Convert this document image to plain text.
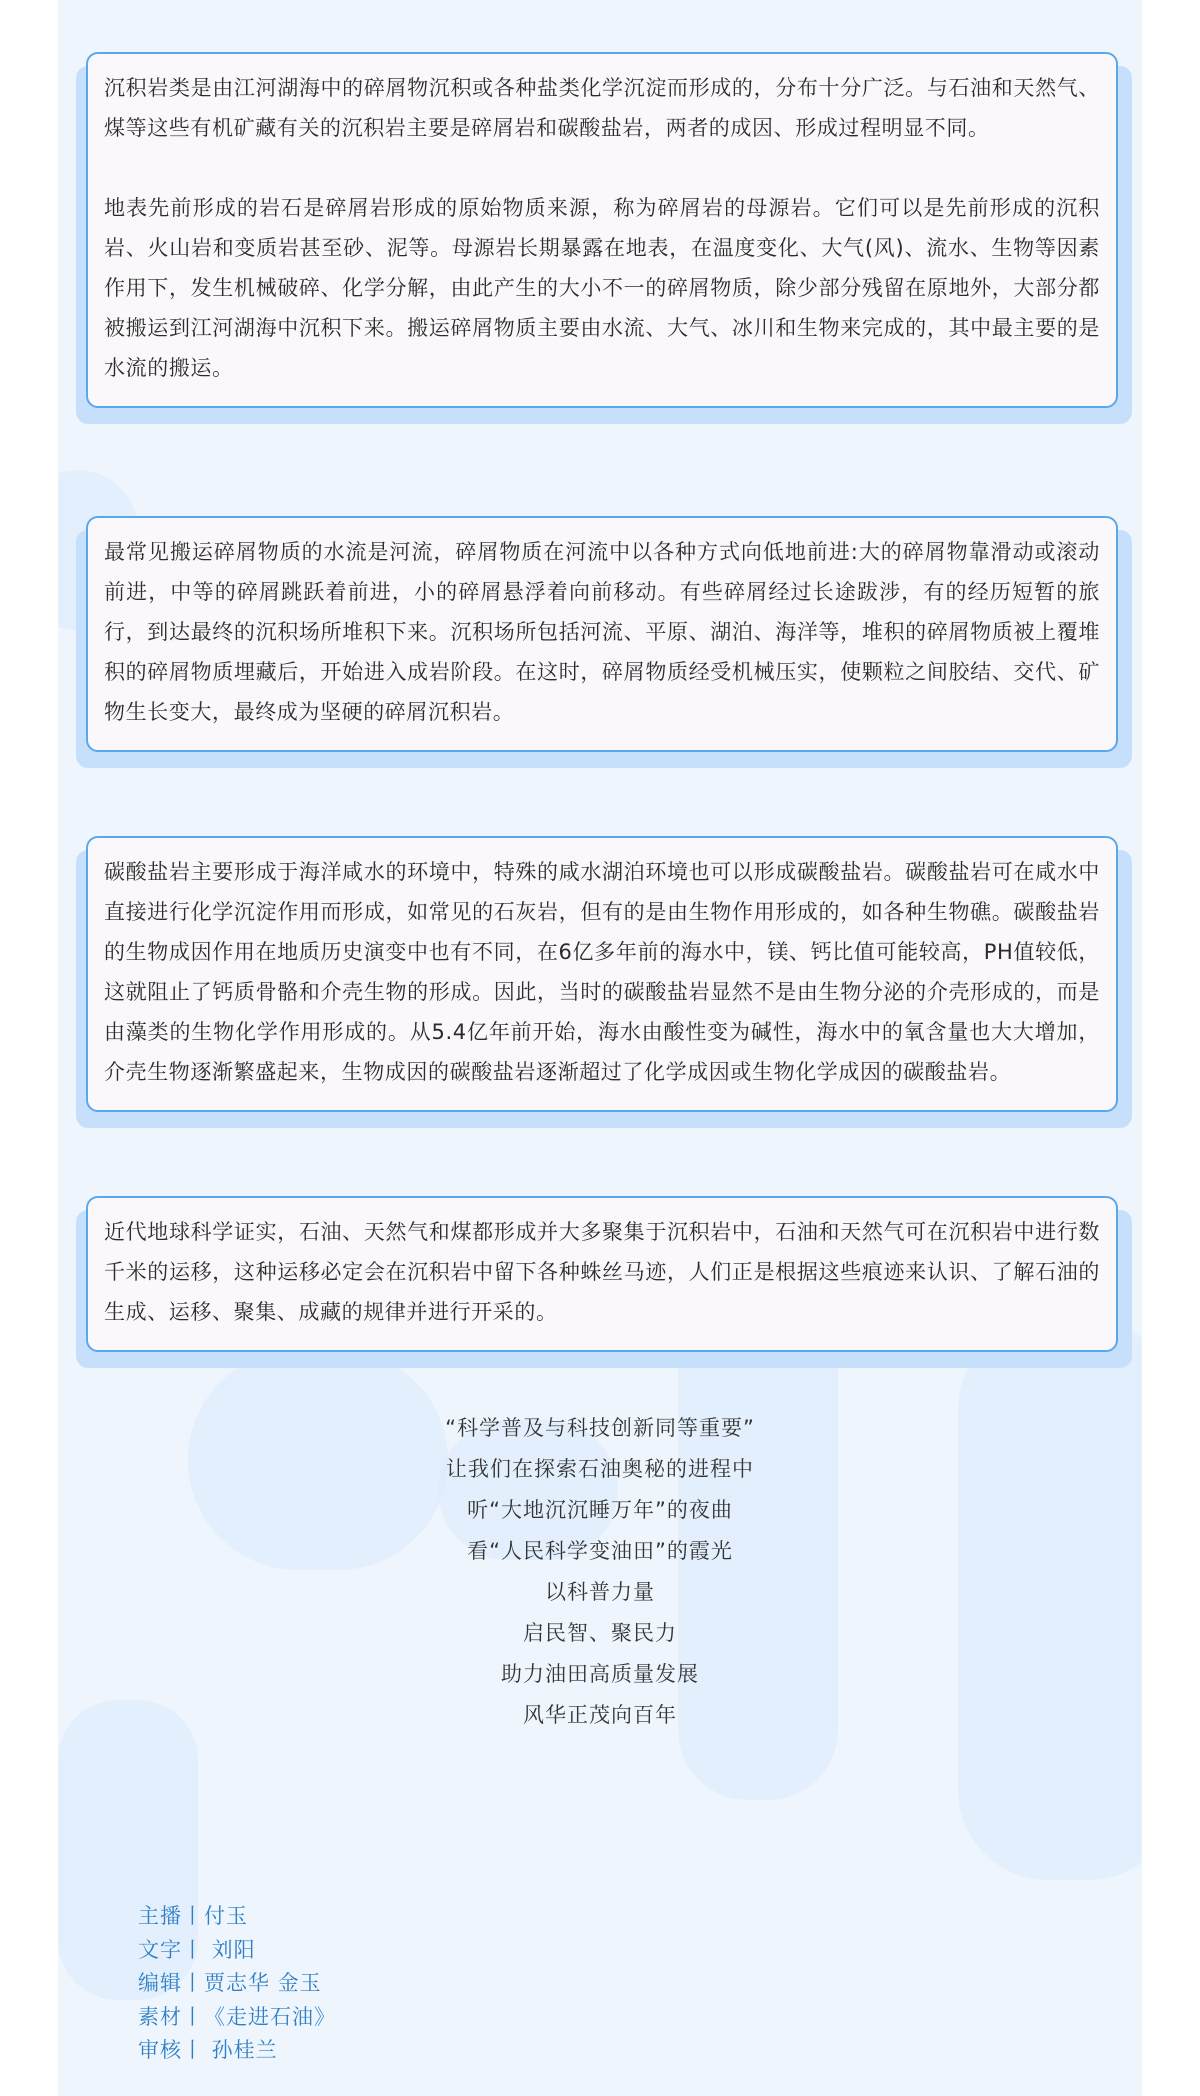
沉积岩类是由江河湖海中的碎屑物沉积或各种盐类化学沉淀而形成的，分布十分广泛。与石油和天然气、煤等这些有机矿藏有关的沉积岩主要是碎屑岩和碳酸盐岩，两者的成因、形成过程明显不同。

地表先前形成的岩石是碎屑岩形成的原始物质来源，称为碎屑岩的母源岩。它们可以是先前形成的沉积岩、火山岩和变质岩甚至砂、泥等。母源岩长期暴露在地表，在温度变化、大气(风)、流水、生物等因素作用下，发生机械破碎、化学分解，由此产生的大小不一的碎屑物质，除少部分残留在原地外，大部分都被搬运到江河湖海中沉积下来。搬运碎屑物质主要由水流、大气、冰川和生物来完成的，其中最主要的是水流的搬运。

最常见搬运碎屑物质的水流是河流，碎屑物质在河流中以各种方式向低地前进:大的碎屑物靠滑动或滚动前进，中等的碎屑跳跃着前进，小的碎屑悬浮着向前移动。有些碎屑经过长途跋涉，有的经历短暂的旅行，到达最终的沉积场所堆积下来。沉积场所包括河流、平原、湖泊、海洋等，堆积的碎屑物质被上覆堆积的碎屑物质埋藏后，开始进入成岩阶段。在这时，碎屑物质经受机械压实，使颗粒之间胶结、交代、矿物生长变大，最终成为坚硬的碎屑沉积岩。

碳酸盐岩主要形成于海洋咸水的环境中，特殊的咸水湖泊环境也可以形成碳酸盐岩。碳酸盐岩可在咸水中直接进行化学沉淀作用而形成，如常见的石灰岩，但有的是由生物作用形成的，如各种生物礁。碳酸盐岩的生物成因作用在地质历史演变中也有不同，在6亿多年前的海水中，镁、钙比值可能较高，PH值较低，这就阻止了钙质骨骼和介壳生物的形成。因此，当时的碳酸盐岩显然不是由生物分泌的介壳形成的，而是由藻类的生物化学作用形成的。从5.4亿年前开始，海水由酸性变为碱性，海水中的氧含量也大大增加，介壳生物逐渐繁盛起来，生物成因的碳酸盐岩逐渐超过了化学成因或生物化学成因的碳酸盐岩。

近代地球科学证实，石油、天然气和煤都形成并大多聚集于沉积岩中，石油和天然气可在沉积岩中进行数千米的运移，这种运移必定会在沉积岩中留下各种蛛丝马迹，人们正是根据这些痕迹来认识、了解石油的生成、运移、聚集、成藏的规律并进行开采的。

“科学普及与科技创新同等重要”
让我们在探索石油奥秘的进程中
听“大地沉沉睡万年”的夜曲
看“人民科学变油田”的霞光
以科普力量
启民智、聚民力
助力油田高质量发展
风华正茂向百年
主播丨付玉
文字丨 刘阳
编辑丨贾志华 金玉
素材丨《走进石油》
审核丨 孙桂兰
